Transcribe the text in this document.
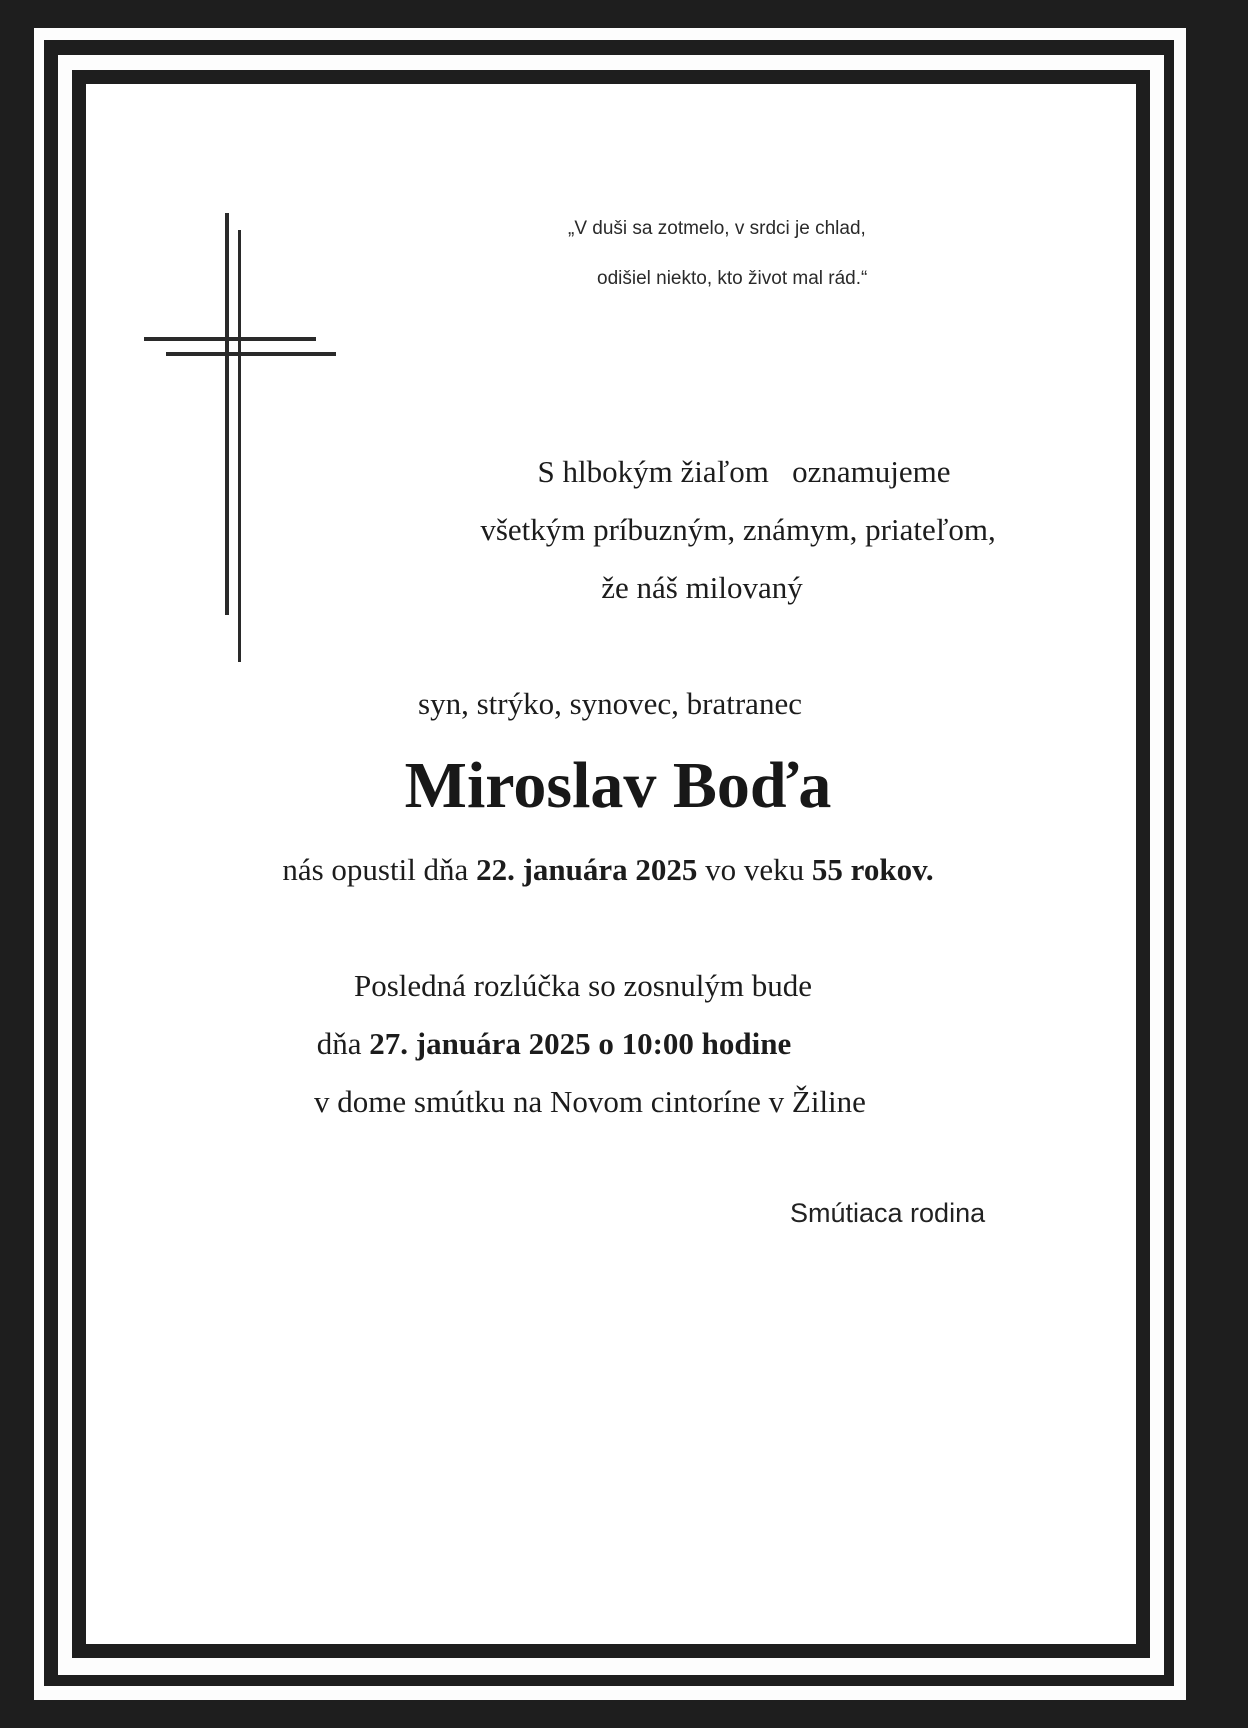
„V duši sa zotmelo, v srdci je chlad,
odišiel niekto, kto život mal rád.“
S hlbokým žiaľom   oznamujeme
všetkým príbuzným, známym, priateľom,
že náš milovaný
syn, strýko, synovec, bratranec
Miroslav Boďa
nás opustil dňa 22. januára 2025 vo veku 55 rokov.
Posledná rozlúčka so zosnulým bude
dňa 27. januára 2025 o 10:00 hodine
v dome smútku na Novom cintoríne v Žiline
Smútiaca rodina
